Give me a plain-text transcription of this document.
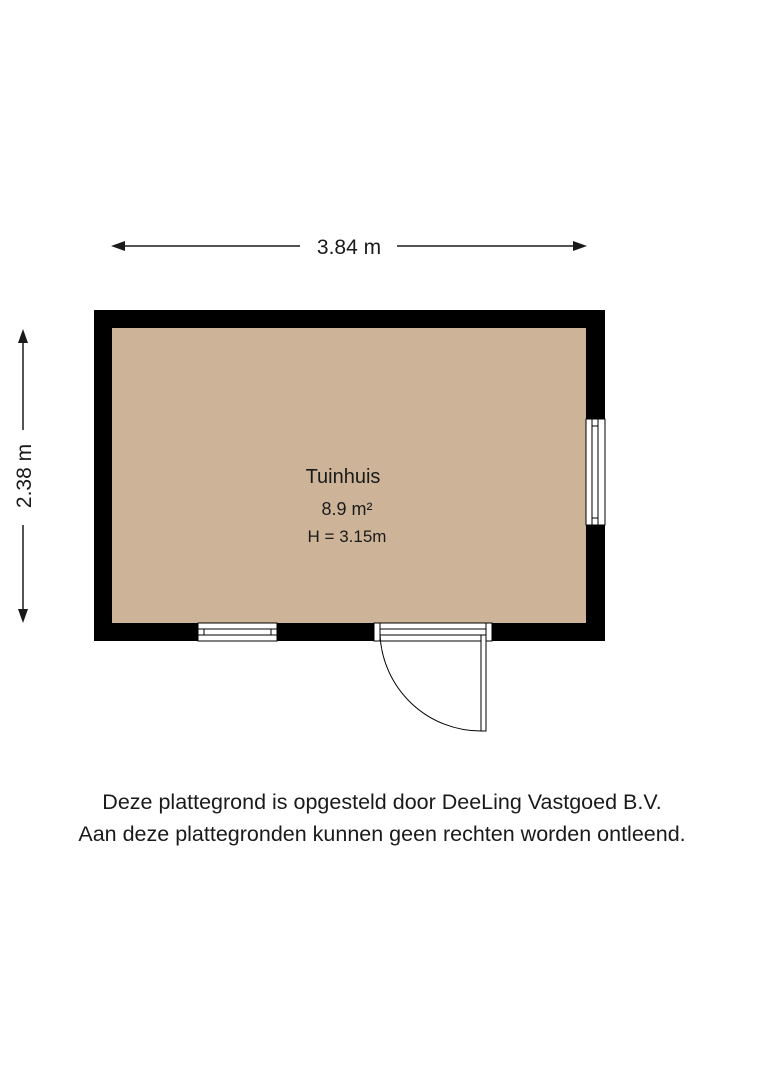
3.84 m
2.38 m	Tuinhuis
8.9 m²
H = 3.15m
Deze plattegrond is opgesteld door DeeLing Vastgoed B.V.
Aan deze plattegronden kunnen geen rechten worden ontleend.
